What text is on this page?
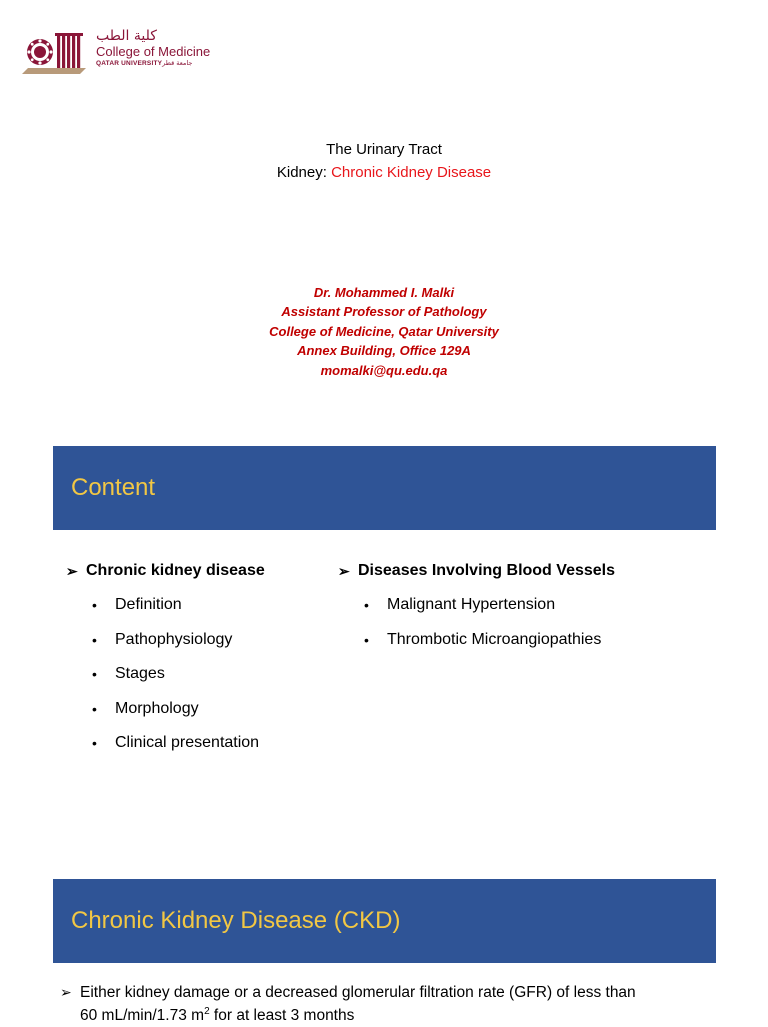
كلية الطب
College of Medicine
QATAR UNIVERSITYجامعة قطر
The Urinary Tract
Kidney: Chronic Kidney Disease
Dr. Mohammed I. Malki
Assistant Professor of Pathology
College of Medicine, Qatar University
Annex Building, Office 129A
momalki@qu.edu.qa
Content
➢ Chronic kidney disease
• Definition
• Pathophysiology
• Stages
• Morphology
• Clinical presentation
➢ Diseases Involving Blood Vessels
• Malignant Hypertension
• Thrombotic Microangiopathies
Chronic Kidney Disease (CKD)
➢ Either kidney damage or a decreased glomerular filtration rate (GFR) of less than
60 mL/min/1.73 $m^2$ for at least 3 months
